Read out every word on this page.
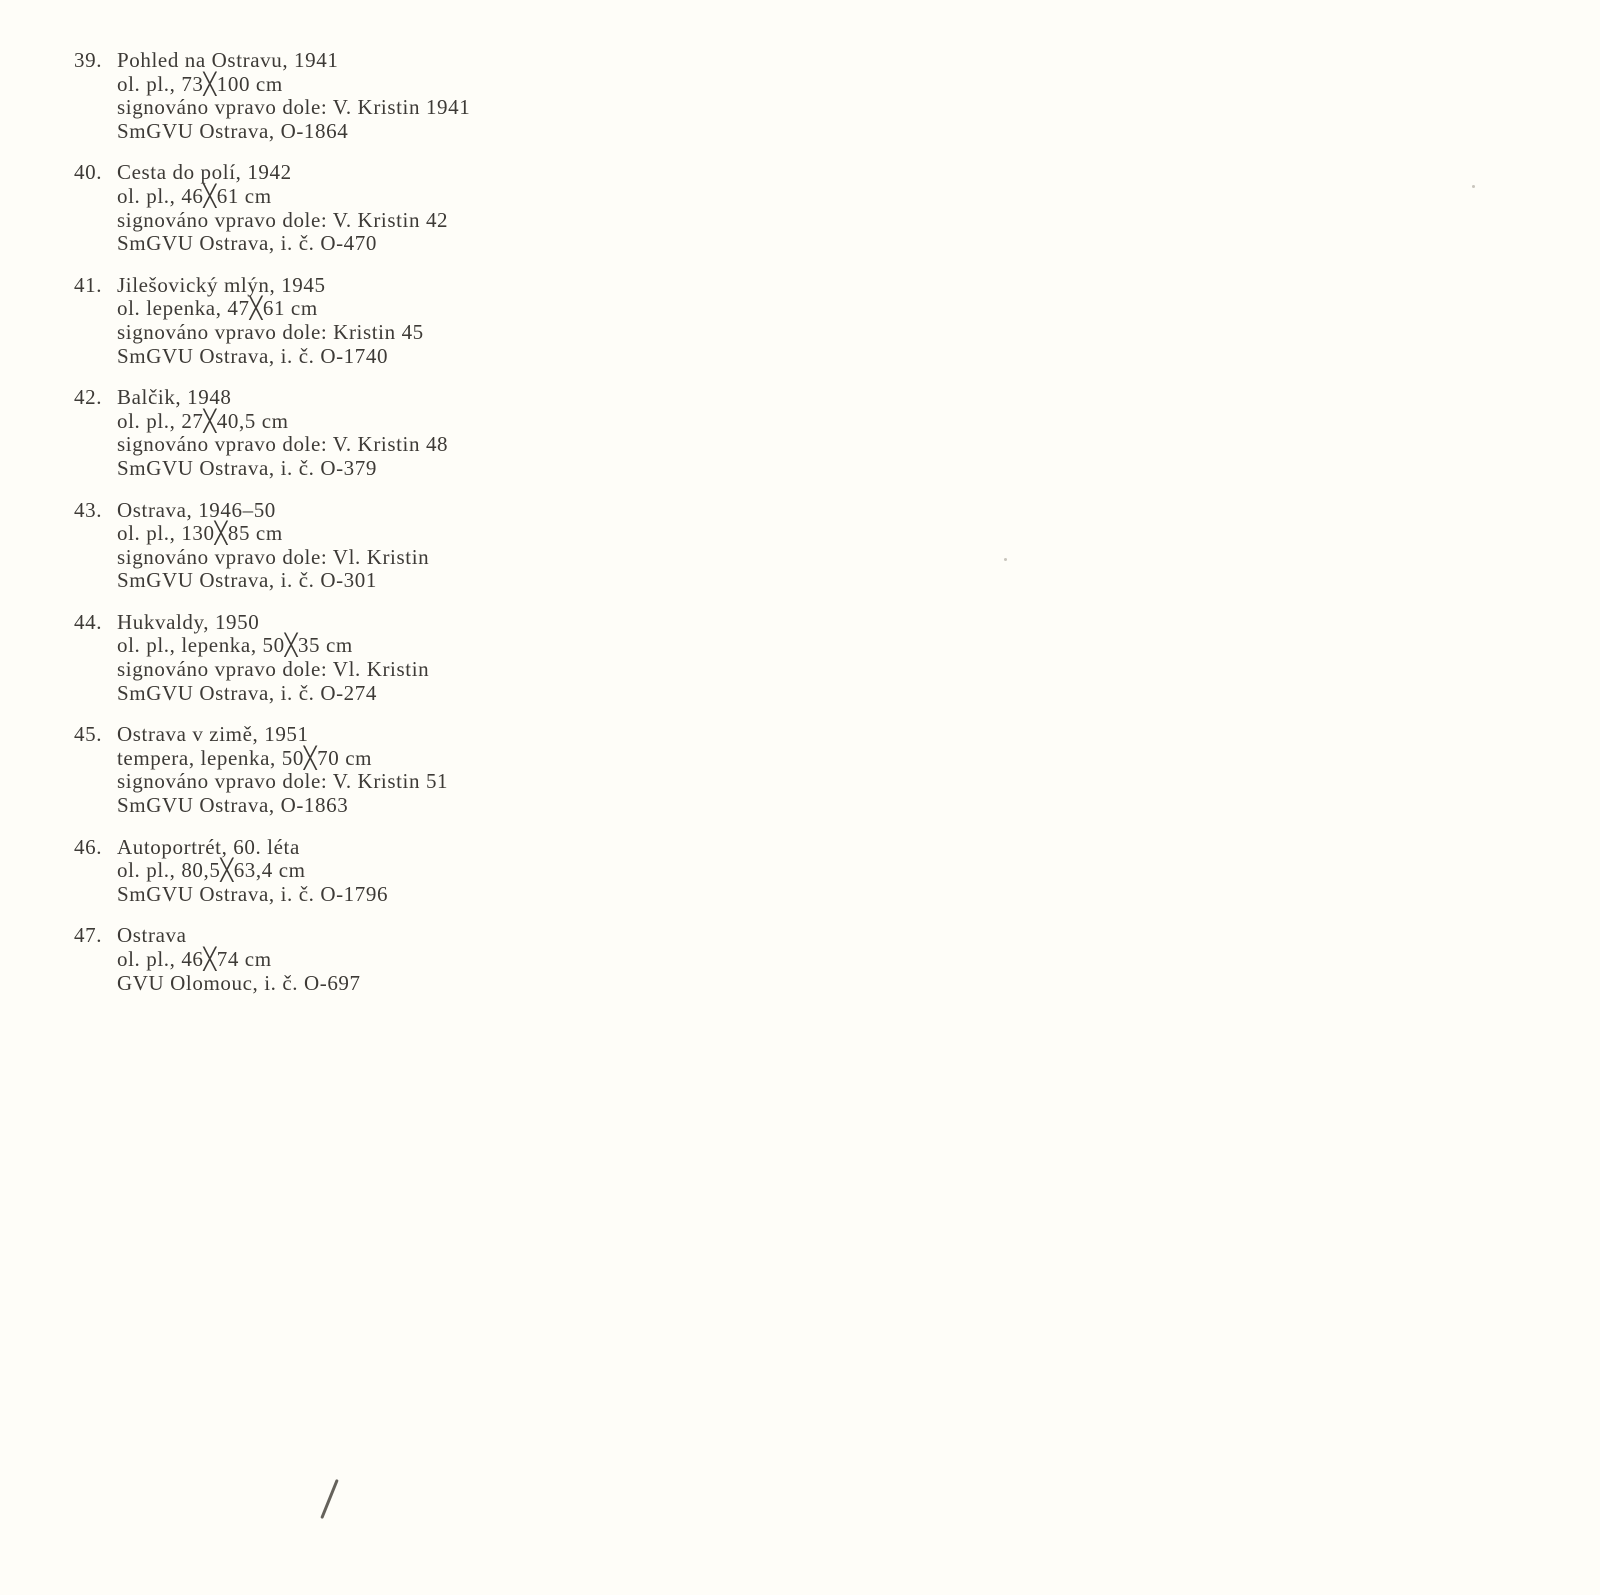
39. Pohled na Ostravu, 1941
ol. pl., 73╳100 cm
signováno vpravo dole: V. Kristin 1941
SmGVU Ostrava, O-1864
40. Cesta do polí, 1942
ol. pl., 46╳61 cm
signováno vpravo dole: V. Kristin 42
SmGVU Ostrava, i. č. O-470
41. Jilešovický mlýn, 1945
ol. lepenka, 47╳61 cm
signováno vpravo dole: Kristin 45
SmGVU Ostrava, i. č. O-1740
42. Balčik, 1948
ol. pl., 27╳40,5 cm
signováno vpravo dole: V. Kristin 48
SmGVU Ostrava, i. č. O-379
43. Ostrava, 1946–50
ol. pl., 130╳85 cm
signováno vpravo dole: Vl. Kristin
SmGVU Ostrava, i. č. O-301
44. Hukvaldy, 1950
ol. pl., lepenka, 50╳35 cm
signováno vpravo dole: Vl. Kristin
SmGVU Ostrava, i. č. O-274
45. Ostrava v zimě, 1951
tempera, lepenka, 50╳70 cm
signováno vpravo dole: V. Kristin 51
SmGVU Ostrava, O-1863
46. Autoportrét, 60. léta
ol. pl., 80,5╳63,4 cm
SmGVU Ostrava, i. č. O-1796
47. Ostrava
ol. pl., 46╳74 cm
GVU Olomouc, i. č. O-697
